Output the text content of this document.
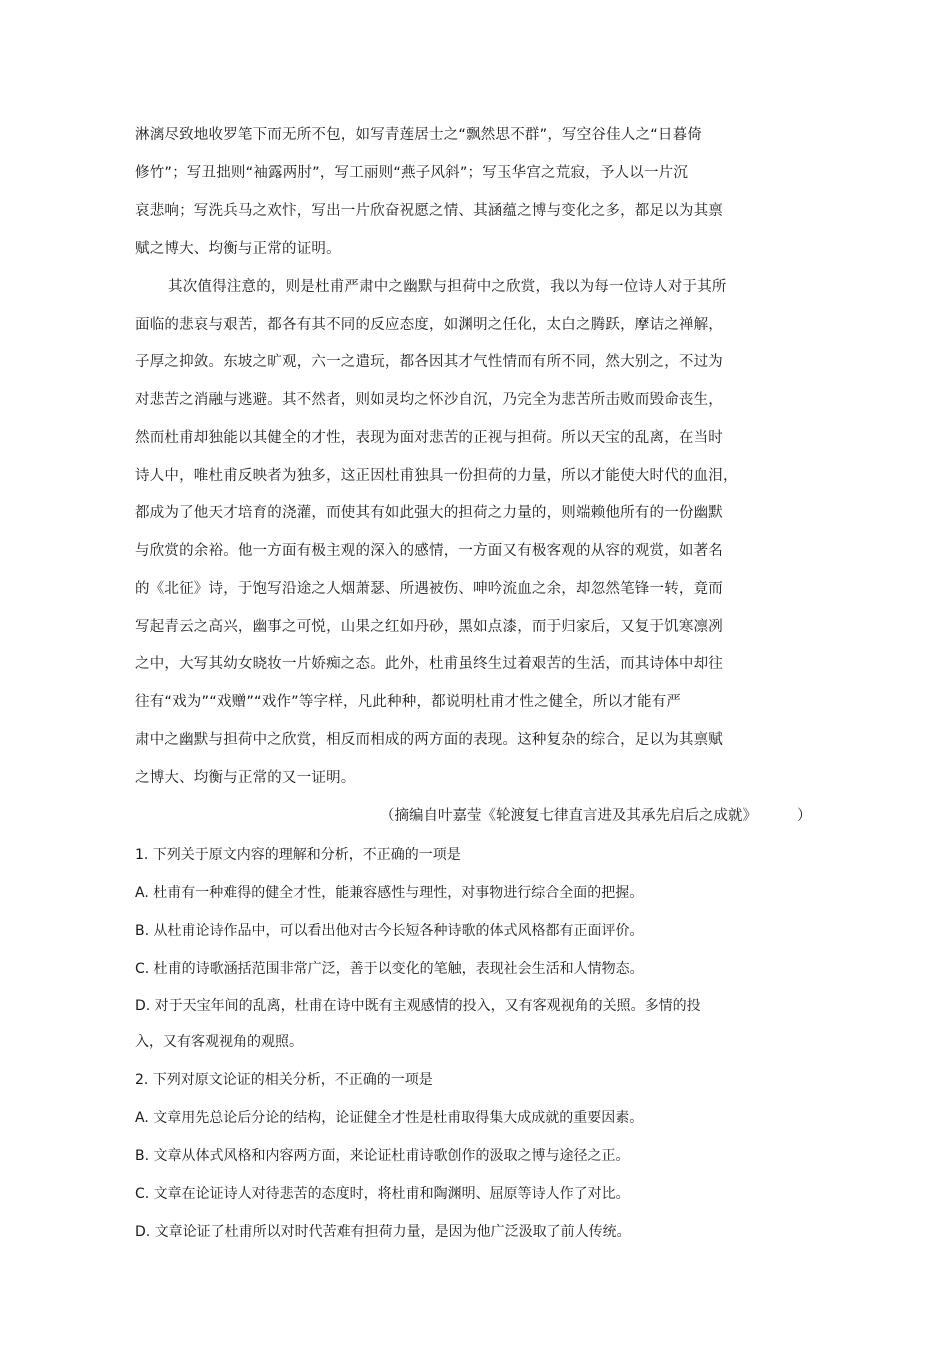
淋漓尽致地收罗笔下而无所不包，如写青莲居士之“飘然思不群”，写空谷佳人之“日暮倚
修竹”；写丑拙则“袖露两肘”，写工丽则“燕子风斜”；写玉华宫之荒寂，予人以一片沉
哀悲响；写洗兵马之欢忭，写出一片欣奋祝愿之情、其涵蕴之博与变化之多，都足以为其禀
赋之博大、均衡与正常的证明。
其次值得注意的，则是杜甫严肃中之幽默与担荷中之欣赏，我以为每一位诗人对于其所
面临的悲哀与艰苦，都各有其不同的反应态度，如渊明之任化，太白之腾跃，摩诘之禅解，
子厚之抑敛。东坡之旷观，六一之遣玩，都各因其才气性情而有所不同，然大别之，不过为
对悲苦之消融与逃避。其不然者，则如灵均之怀沙自沉，乃完全为悲苦所击败而毁命丧生，
然而杜甫却独能以其健全的才性，表现为面对悲苦的正视与担荷。所以天宝的乱离，在当时
诗人中，唯杜甫反映者为独多，这正因杜甫独具一份担荷的力量，所以才能使大时代的血泪，
都成为了他天才培育的浇灌，而使其有如此强大的担荷之力量的，则端赖他所有的一份幽默
与欣赏的余裕。他一方面有极主观的深入的感情，一方面又有极客观的从容的观赏，如著名
的《北征》诗，于饱写沿途之人烟萧瑟、所遇被伤、呻吟流血之余，却忽然笔锋一转，竟而
写起青云之高兴，幽事之可悦，山果之红如丹砂，黑如点漆，而于归家后，又复于饥寒凛冽
之中，大写其幼女晓妆一片娇痴之态。此外，杜甫虽终生过着艰苦的生活，而其诗体中却往
往有“戏为”“戏赠”“戏作”等字样，凡此种种，都说明杜甫才性之健全，所以才能有严
肃中之幽默与担荷中之欣赏，相反而相成的两方面的表现。这种复杂的综合，足以为其禀赋
之博大、均衡与正常的又一证明。
（摘编自叶嘉莹《轮渡复七律直言进及其承先启后之成就》	）
1. 下列关于原文内容的理解和分析，不正确的一项是
A. 杜甫有一种难得的健全才性，能兼容感性与理性，对事物进行综合全面的把握。
B. 从杜甫论诗作品中，可以看出他对古今长短各种诗歌的体式风格都有正面评价。
C. 杜甫的诗歌涵括范围非常广泛，善于以变化的笔触，表现社会生活和人情物态。
D. 对于天宝年间的乱离，杜甫在诗中既有主观感情的投入，又有客观视角的关照。多情的投
入，又有客观视角的观照。
2. 下列对原文论证的相关分析，不正确的一项是
A. 文章用先总论后分论的结构，论证健全才性是杜甫取得集大成成就的重要因素。
B. 文章从体式风格和内容两方面，来论证杜甫诗歌创作的汲取之博与途径之正。
C. 文章在论证诗人对待悲苦的态度时，将杜甫和陶渊明、屈原等诗人作了对比。
D. 文章论证了杜甫所以对时代苦难有担荷力量，是因为他广泛汲取了前人传统。
